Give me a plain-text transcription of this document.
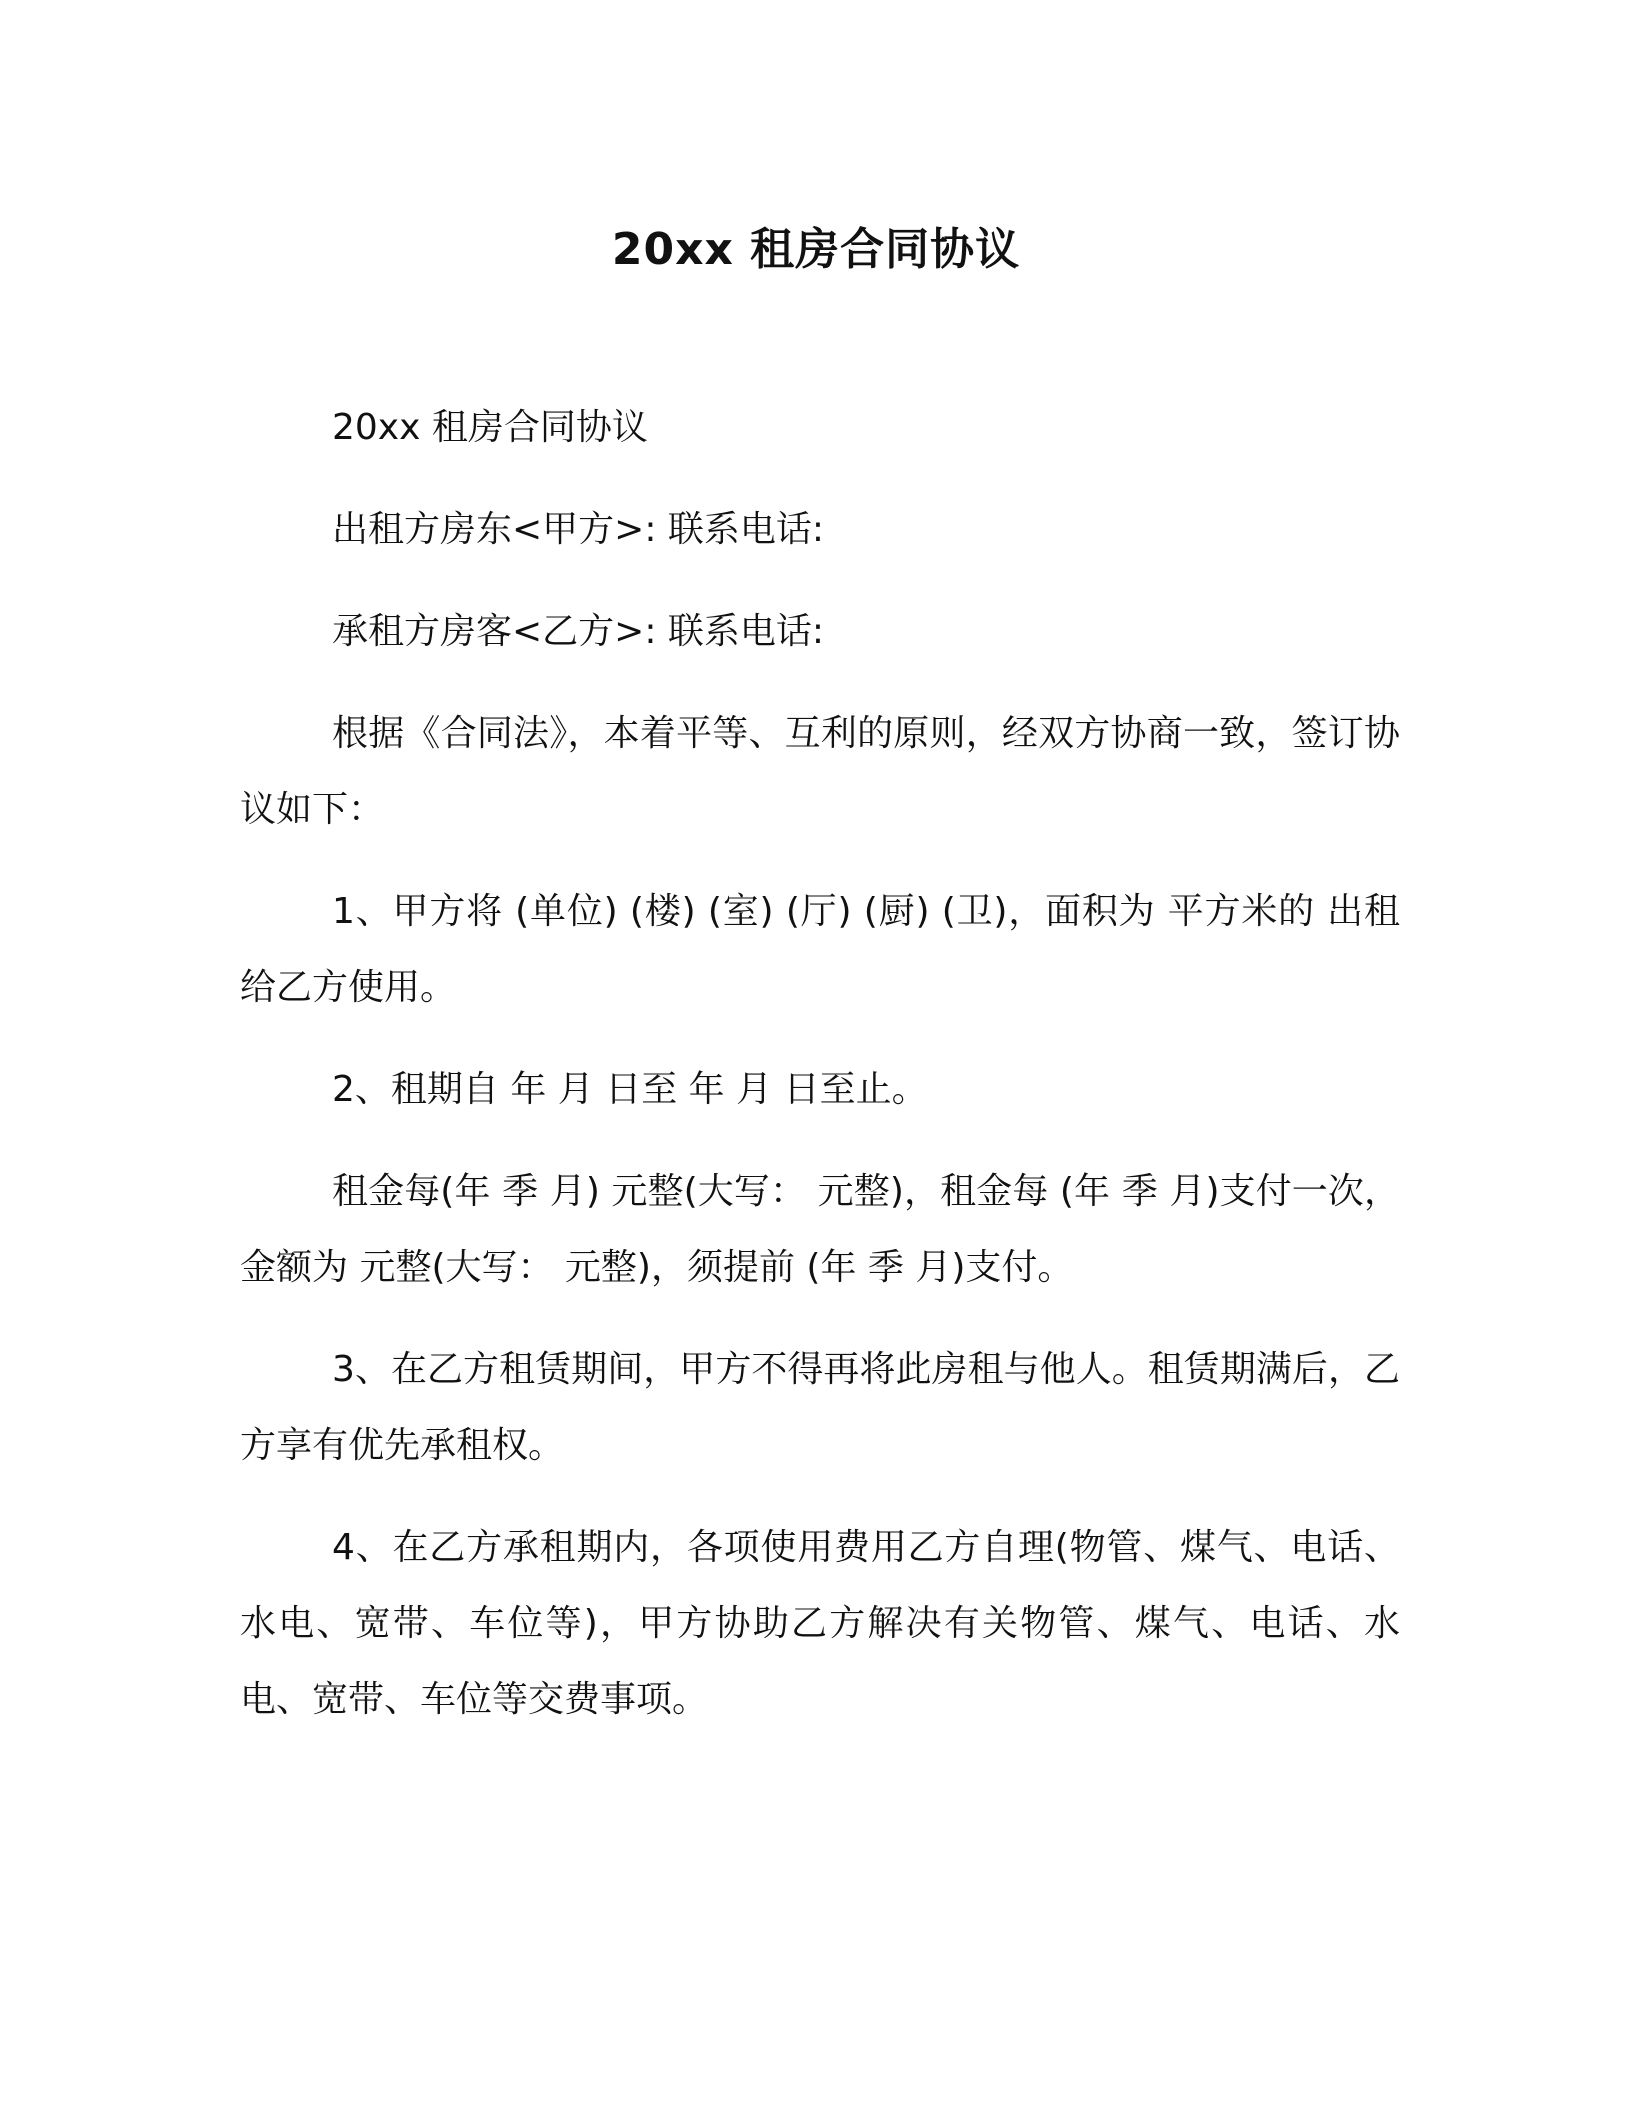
20xx 租房合同协议

20xx 租房合同协议

出租方房东<甲方>: 联系电话:

承租方房客<乙方>: 联系电话:

根据《合同法》，本着平等、互利的原则，经双方协商一致，签订协议如下：

1、甲方将 (单位) (楼) (室) (厅) (厨) (卫)，面积为 平方米的 出租给乙方使用。

2、租期自 年 月 日至 年 月 日至止。

租金每(年 季 月) 元整(大写： 元整)，租金每 (年 季 月)支付一次，金额为 元整(大写： 元整)，须提前 (年 季 月)支付。

3、在乙方租赁期间，甲方不得再将此房租与他人。租赁期满后，乙方享有优先承租权。

4、在乙方承租期内，各项使用费用乙方自理(物管、煤气、电话、水电、宽带、车位等)，甲方协助乙方解决有关物管、煤气、电话、水电、宽带、车位等交费事项。
